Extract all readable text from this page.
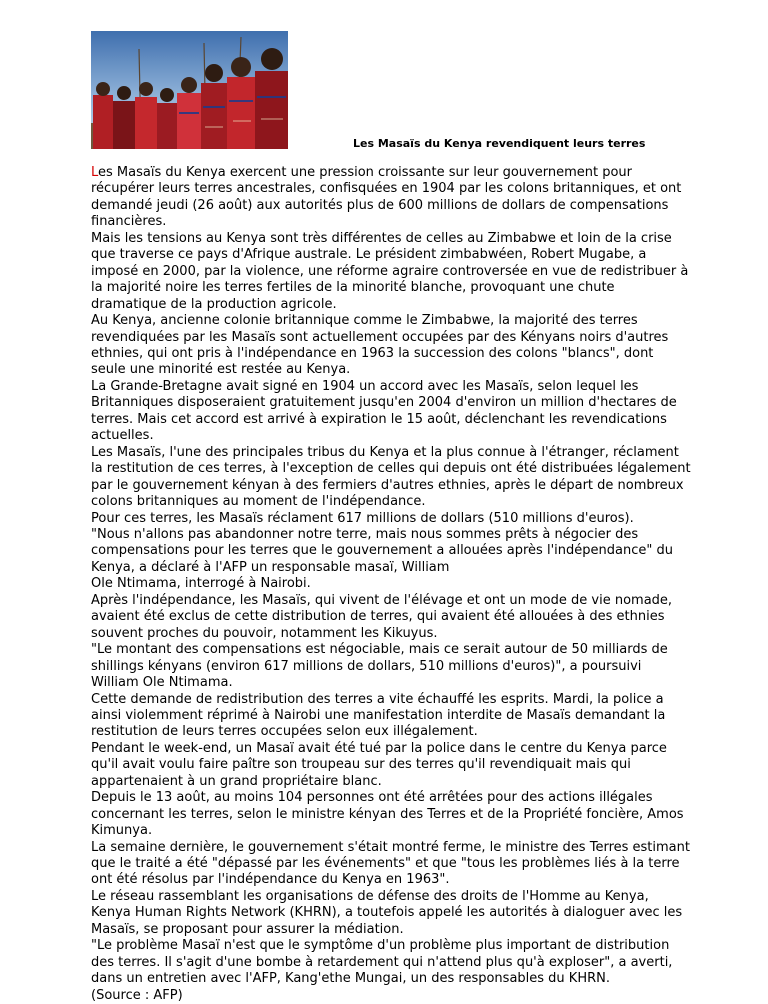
Les Masaïs du Kenya revendiquent leurs terres

Les Masaïs du Kenya exercent une pression croissante sur leur gouvernement pour récupérer leurs terres ancestrales, confisquées en 1904 par les colons britanniques, et ont demandé jeudi (26 août) aux autorités plus de 600 millions de dollars de compensations financières.

Mais les tensions au Kenya sont très différentes de celles au Zimbabwe et loin de la crise que traverse ce pays d'Afrique australe. Le président zimbabwéen, Robert Mugabe, a imposé en 2000, par la violence, une réforme agraire controversée en vue de redistribuer à la majorité noire les terres fertiles de la minorité blanche, provoquant une chute dramatique de la production agricole.

Au Kenya, ancienne colonie britannique comme le Zimbabwe, la majorité des terres revendiquées par les Masaïs sont actuellement occupées par des Kényans noirs d'autres ethnies, qui ont pris à l'indépendance en 1963 la succession des colons "blancs", dont seule une minorité est restée au Kenya.

La Grande-Bretagne avait signé en 1904 un accord avec les Masaïs, selon lequel les Britanniques disposeraient gratuitement jusqu'en 2004 d'environ un million d'hectares de terres. Mais cet accord est arrivé à expiration le 15 août, déclenchant les revendications actuelles.

Les Masaïs, l'une des principales tribus du Kenya et la plus connue à l'étranger, réclament la restitution de ces terres, à l'exception de celles qui depuis ont été distribuées légalement par le gouvernement kényan à des fermiers d'autres ethnies, après le départ de nombreux colons britanniques au moment de l'indépendance.

Pour ces terres, les Masaïs réclament 617 millions de dollars (510 millions d'euros).

"Nous n'allons pas abandonner notre terre, mais nous sommes prêts à négocier des compensations pour les terres que le gouvernement a allouées après l'indépendance" du Kenya, a déclaré à l'AFP un responsable masaï, William

Ole Ntimama, interrogé à Nairobi.

Après l'indépendance, les Masaïs, qui vivent de l'élévage et ont un mode de vie nomade, avaient été exclus de cette distribution de terres, qui avaient été allouées à des ethnies souvent proches du pouvoir, notamment les Kikuyus.

"Le montant des compensations est négociable, mais ce serait autour de 50 milliards de shillings kényans (environ 617 millions de dollars, 510 millions d'euros)", a poursuivi William Ole Ntimama.

Cette demande de redistribution des terres a vite échauffé les esprits. Mardi, la police a ainsi violemment réprimé à Nairobi une manifestation interdite de Masaïs demandant la restitution de leurs terres occupées selon eux illégalement.

Pendant le week-end, un Masaï avait été tué par la police dans le centre du Kenya parce qu'il avait voulu faire paître son troupeau sur des terres qu'il revendiquait mais qui appartenaient à un grand propriétaire blanc.

Depuis le 13 août, au moins 104 personnes ont été arrêtées pour des actions illégales concernant les terres, selon le ministre kényan des Terres et de la Propriété foncière, Amos Kimunya.

La semaine dernière, le gouvernement s'était montré ferme, le ministre des Terres estimant que le traité a été "dépassé par les événements" et que "tous les problèmes liés à la terre ont été résolus par l'indépendance du Kenya en 1963".

Le réseau rassemblant les organisations de défense des droits de l'Homme au Kenya, Kenya Human Rights Network (KHRN), a toutefois appelé les autorités à dialoguer avec les Masaïs, se proposant pour assurer la médiation.

"Le problème Masaï n'est que le symptôme d'un problème plus important de distribution des terres. Il s'agit d'une bombe à retardement qui n'attend plus qu'à exploser", a averti, dans un entretien avec l'AFP, Kang'ethe Mungai, un des responsables du KHRN.

(Source : AFP)
